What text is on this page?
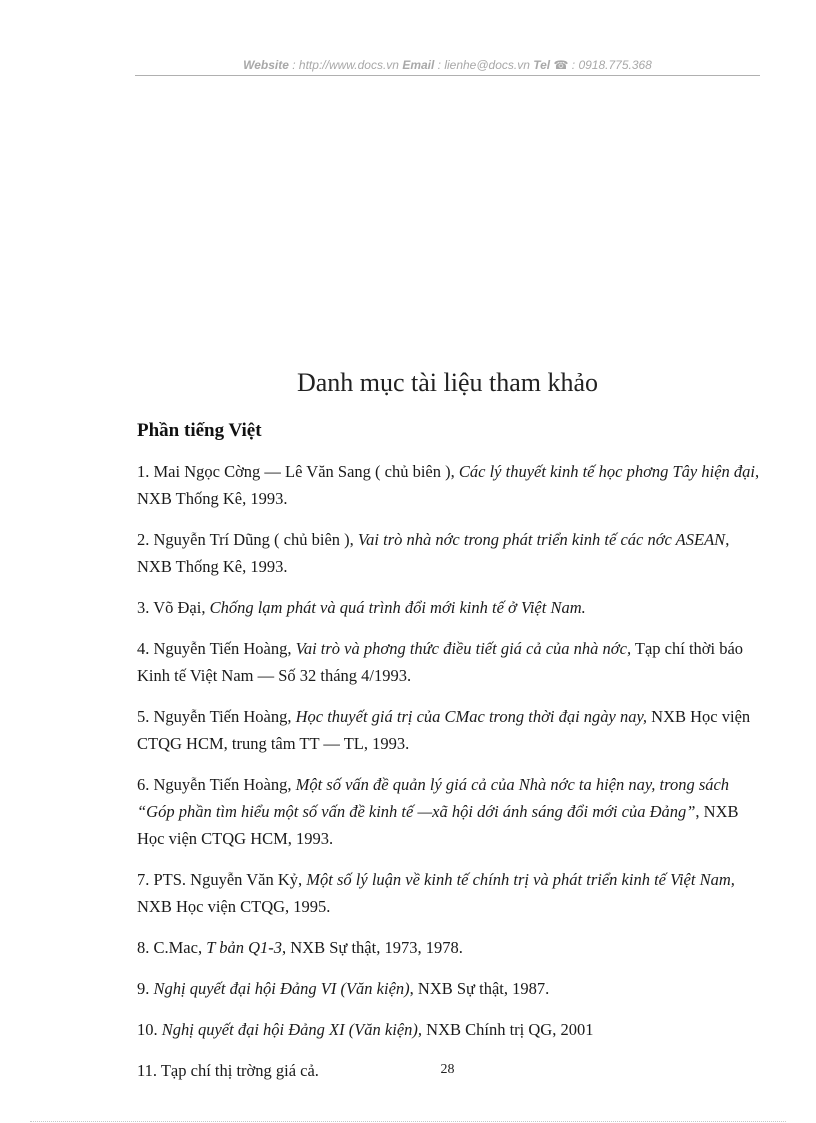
Website : http://www.docs.vn Email : lienhe@docs.vn Tel ☎ : 0918.775.368
Danh mục tài liệu tham khảo
Phần tiếng Việt

1. Mai Ngọc Cờng — Lê Văn Sang ( chủ biên ), Các lý thuyết kinh tế học phơng Tây hiện đại, NXB Thống Kê, 1993.

2. Nguyễn Trí Dũng ( chủ biên ), Vai trò nhà nớc trong phát triển kinh tế các nớc ASEAN, NXB Thống Kê, 1993.

3. Võ Đại, Chống lạm phát và quá trình đổi mới kinh tế ở Việt Nam.

4. Nguyễn Tiến Hoàng, Vai trò và phơng thức điều tiết giá cả của nhà nớc, Tạp chí thời báo Kinh tế Việt Nam — Số 32 tháng 4/1993.

5. Nguyễn Tiến Hoàng, Học thuyết giá trị của CMac trong thời đại ngày nay, NXB Học viện CTQG HCM, trung tâm TT — TL, 1993.

6. Nguyễn Tiến Hoàng, Một số vấn đề quản lý giá cả của Nhà nớc ta hiện nay, trong sách “Góp phần tìm hiểu một số vấn đề kinh tế —xã hội dới ánh sáng đổi mới của Đảng”, NXB Học viện CTQG HCM, 1993.

7. PTS. Nguyễn Văn Kỷ, Một số lý luận về kinh tế chính trị và phát triển kinh tế Việt Nam, NXB Học viện CTQG, 1995.

8. C.Mac, T bản Q1-3, NXB Sự thật, 1973, 1978.

9. Nghị quyết đại hội Đảng VI (Văn kiện), NXB Sự thật, 1987.

10. Nghị quyết đại hội Đảng XI (Văn kiện), NXB Chính trị QG, 2001

11. Tạp chí thị trờng giá cả.	28
